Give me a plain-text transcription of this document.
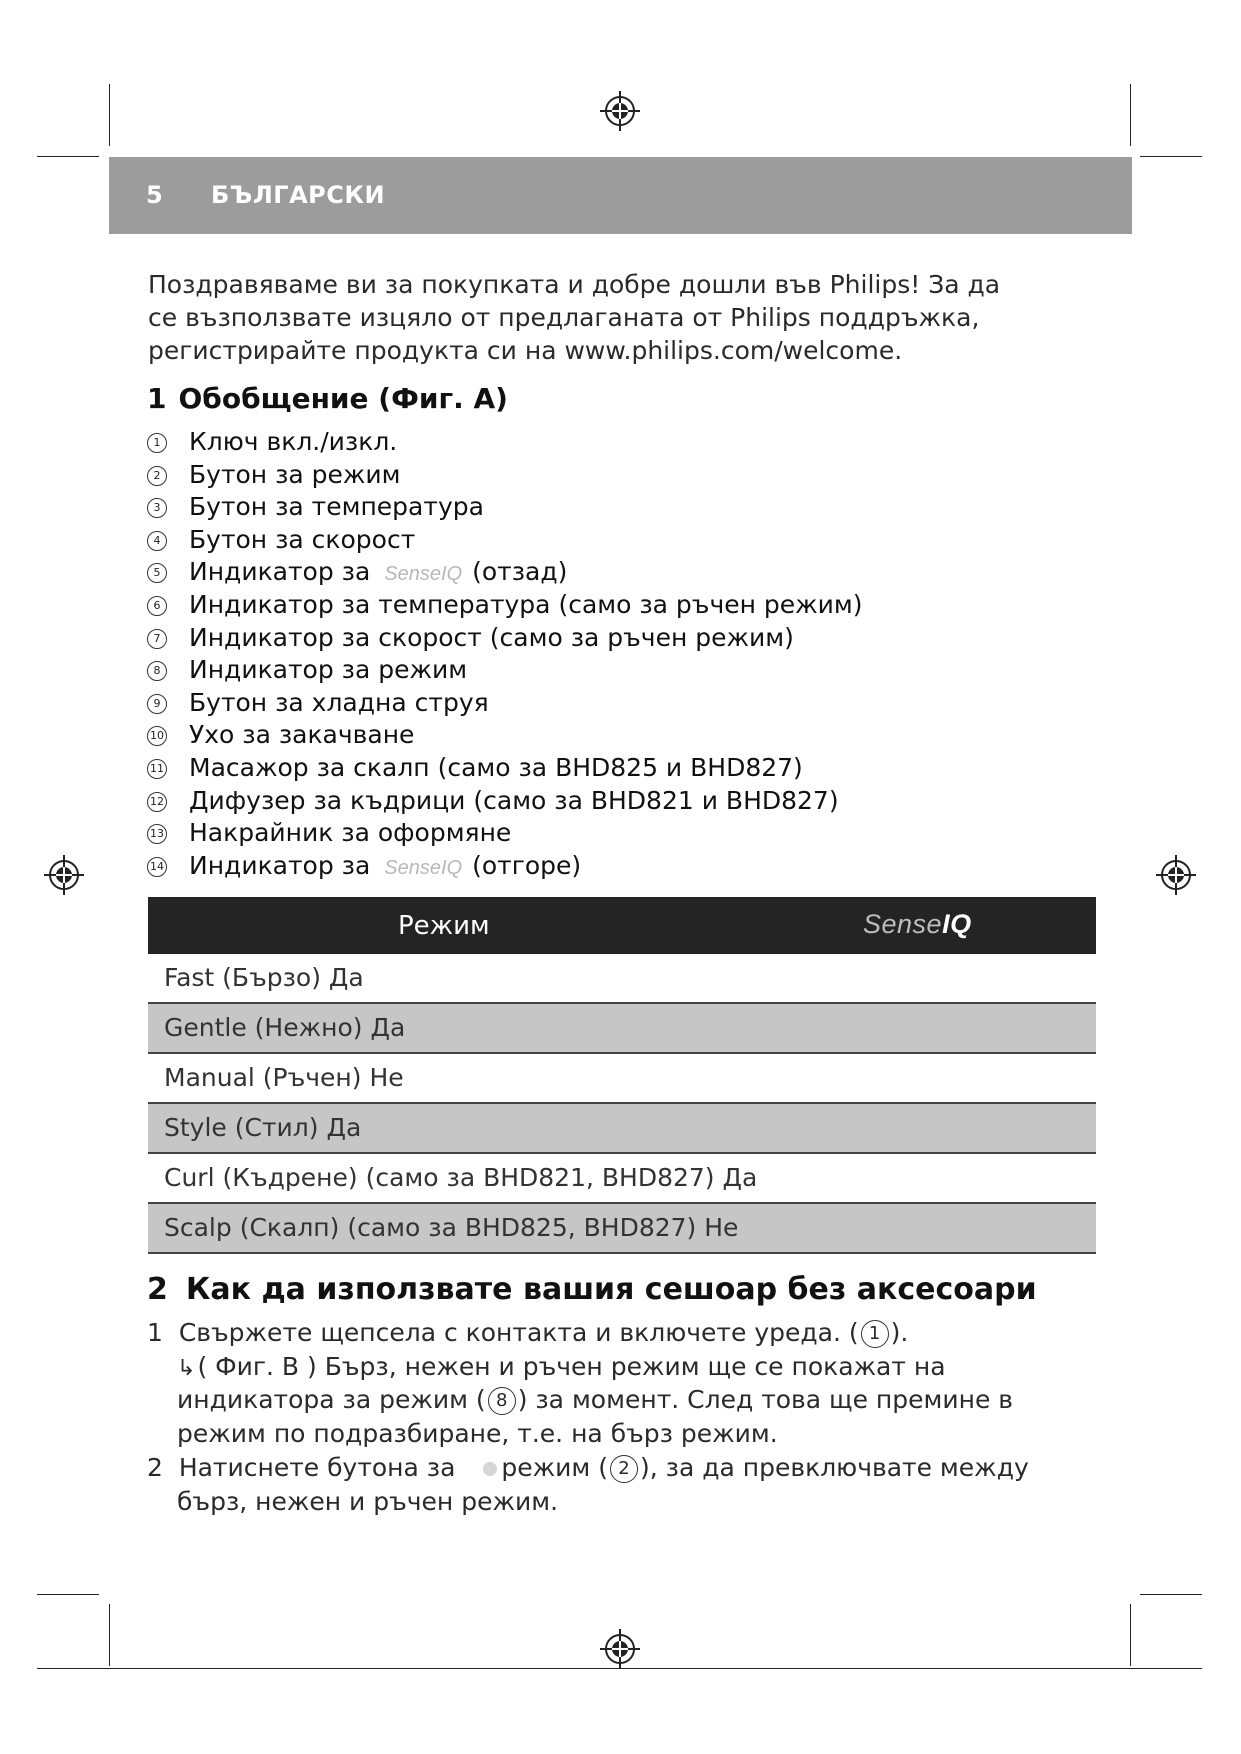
5 БЪЛГАРСКИ
Поздравяваме ви за покупката и добре дошли във Philips! За да
се възползвате изцяло от предлаганата от Philips поддръжка,
регистрирайте продукта си на www.philips.com/welcome.
1 Обобщение (Фиг. A)
1 Ключ вкл./изкл.
2 Бутон за режим
3 Бутон за температура
4 Бутон за скорост
5 Индикатор за SenseIQ (отзад)
6 Индикатор за температура (само за ръчен режим)
7 Индикатор за скорост (само за ръчен режим)
8 Индикатор за режим
9 Бутон за хладна струя
10 Ухо за закачване
11 Масажор за скалп (само за BHD825 и BHD827)
12 Дифузер за къдрици (само за BHD821 и BHD827)
13 Накрайник за оформяне
14 Индикатор за SenseIQ (отгоре)
Режим	SenseIQ
Fast (Бързо) Да
Gentle (Нежно) Да
Manual (Ръчен) Не
Style (Стил) Да
Curl (Къдрене) (само за BHD821, BHD827) Да
Scalp (Скалп) (само за BHD825, BHD827) Не
2 Как да използвате вашия сешоар без аксесоари
1 Свържете щепсела с контакта и включете уреда. ( 1 ).
↳( Фиг. B ) Бърз, нежен и ръчен режим ще се покажат на
индикатора за режим ( 8 ) за момент. След това ще премине в
режим по подразбиране, т.е. на бърз режим.
2 Натиснете бутона за режим ( 2 ), за да превключвате между
бърз, нежен и ръчен режим.
